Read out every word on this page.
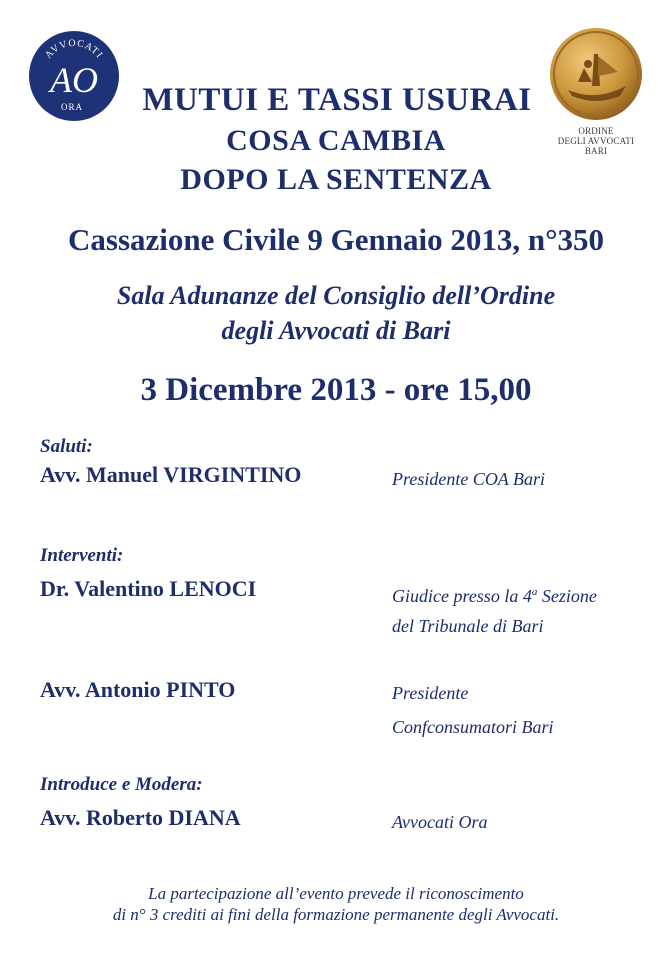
AVVOCATI
AO
ORA
ORDINE
DEGLI AVVOCATI
BARI
MUTUI E TASSI USURAI
COSA CAMBIA
DOPO LA SENTENZA
Cassazione Civile 9 Gennaio 2013, n°350
Sala Adunanze del Consiglio dell’Ordine
degli Avvocati di Bari
3 Dicembre 2013 - ore 15,00
Saluti:
Avv. Manuel VIRGINTINO	Presidente COA Bari
Interventi:
Dr. Valentino LENOCI	Giudice presso la 4$^a$ Sezione
del Tribunale di Bari
Avv. Antonio PINTO	Presidente
Confconsumatori Bari
Introduce e Modera:
Avv. Roberto DIANA	Avvocati Ora
La partecipazione all’evento prevede il riconoscimento
di n° 3 crediti ai fini della formazione permanente degli Avvocati.
